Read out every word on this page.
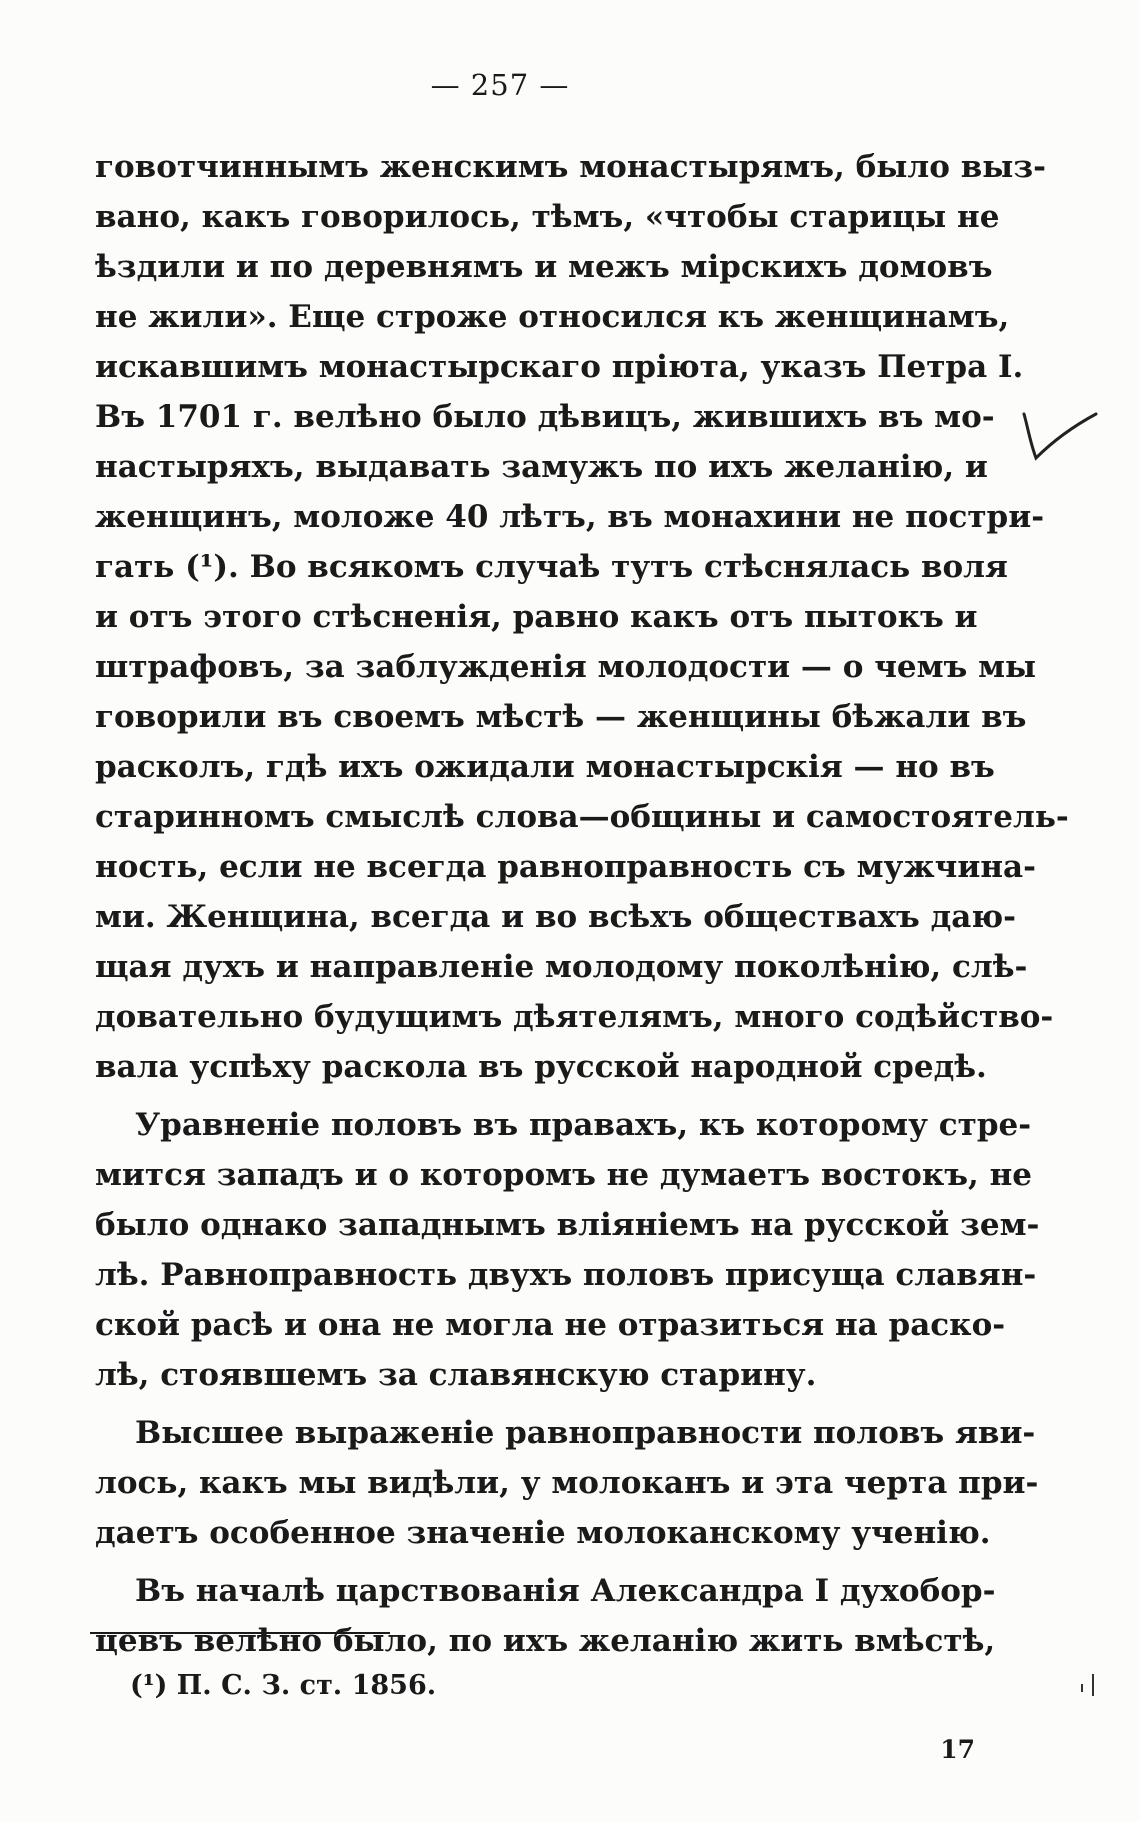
— 257 —
говотчиннымъ женскимъ монастырямъ, было выз-
вано, какъ говорилось, тѣмъ, «чтобы старицы не
ѣздили и по деревнямъ и межъ мірскихъ домовъ
не жили». Еще строже относился къ женщинамъ,
искавшимъ монастырскаго пріюта, указъ Петра I.
Въ 1701 г. велѣно было дѣвицъ, жившихъ въ мо-
настыряхъ, выдавать замужъ по ихъ желанію, и
женщинъ, моложе 40 лѣтъ, въ монахини не постри-
гать (¹). Во всякомъ случаѣ тутъ стѣснялась воля
и отъ этого стѣсненія, равно какъ отъ пытокъ и
штрафовъ, за заблужденія молодости — о чемъ мы
говорили въ своемъ мѣстѣ — женщины бѣжали въ
расколъ, гдѣ ихъ ожидали монастырскія — но въ
старинномъ смыслѣ слова—общины и самостоятель-
ность, если не всегда равноправность съ мужчина-
ми. Женщина, всегда и во всѣхъ обществахъ даю-
щая духъ и направленіе молодому поколѣнію, слѣ-
довательно будущимъ дѣятелямъ, много содѣйство-
вала успѣху раскола въ русской народной средѣ.
Уравненіе половъ въ правахъ, къ которому стре-
мится западъ и о которомъ не думаетъ востокъ, не
было однако западнымъ вліяніемъ на русской зем-
лѣ. Равноправность двухъ половъ присуща славян-
ской расѣ и она не могла не отразиться на раско-
лѣ, стоявшемъ за славянскую старину.
Высшее выраженіе равноправности половъ яви-
лось, какъ мы видѣли, у молоканъ и эта черта при-
даетъ особенное значеніе молоканскому ученію.
Въ началѣ царствованія Александра I духобор-
цевъ велѣно было, по ихъ желанію жить вмѣстѣ,
(¹) П. С. З. ст. 1856.
17
